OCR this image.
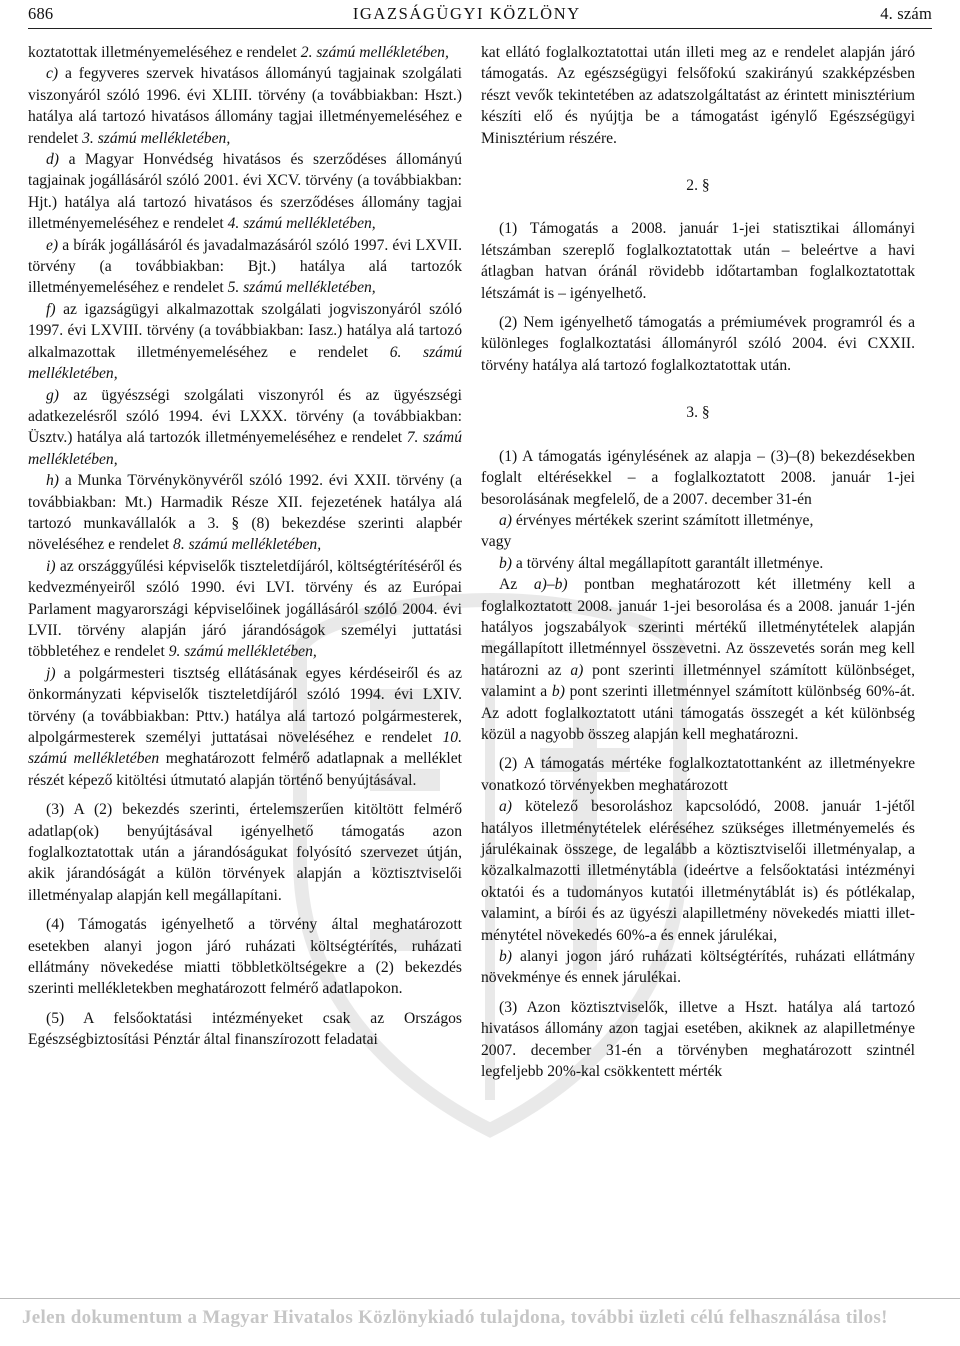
686	IGAZSÁGÜGYI KÖZLÖNY	4. szám

koztatottak illetményemeléséhez e rendelet 2. számú mellékletében,

c) a fegyveres szervek hivatásos állományú tagjainak szolgálati viszonyáról szóló 1996. évi XLIII. törvény (a továbbiakban: Hszt.) hatálya alá tartozó hivatásos állomány tagjai illetményemeléséhez e rendelet 3. számú mellékletében,

d) a Magyar Honvédség hivatásos és szerződéses állományú tagjainak jogállásáról szóló 2001. évi XCV. törvény (a továbbiakban: Hjt.) hatálya alá tartozó hivatásos és szerződéses állomány tagjai illetményemeléséhez e rendelet 4. számú mellékletében,

e) a bírák jogállásáról és javadalmazásáról szóló 1997. évi LXVII. törvény (a továbbiakban: Bjt.) hatálya alá tartozók illetményemeléséhez e rendelet 5. számú mellékletében,

f) az igazságügyi alkalmazottak szolgálati jogviszonyáról szóló 1997. évi LXVIII. törvény (a továbbiakban: Iasz.) hatálya alá tartozó alkalmazottak illetményemeléséhez e rendelet 6. számú mellékletében,

g) az ügyészségi szolgálati viszonyról és az ügyészségi adatkezelésről szóló 1994. évi LXXX. törvény (a továbbiakban: Üsztv.) hatálya alá tartozók illetményemeléséhez e rendelet 7. számú mellékletében,

h) a Munka Törvénykönyvéről szóló 1992. évi XXII. törvény (a továbbiakban: Mt.) Harmadik Része XII. fejezetének hatálya alá tartozó munkavállalók a 3. § (8) bekezdése szerinti alapbér növeléséhez e rendelet 8. számú mellékletében,

i) az országgyűlési képviselők tiszteletdíjáról, költségtérítéséről és kedvezményeiről szóló 1990. évi LVI. törvény és az Európai Parlament magyarországi képviselőinek jogállásáról szóló 2004. évi LVII. törvény alapján járó járandóságok személyi juttatási többletéhez e rendelet 9. számú mellékletében,

j) a polgármesteri tisztség ellátásának egyes kérdéseiről és az önkormányzati képviselők tiszteletdíjáról szóló 1994. évi LXIV. törvény (a továbbiakban: Pttv.) hatálya alá tartozó polgármesterek, alpolgármesterek személyi juttatásai növeléséhez e rendelet 10. számú mellékletében meghatározott felmérő adatlapnak a melléklet részét képező kitöltési útmutató alapján történő benyújtásával.

(3) A (2) bekezdés szerinti, értelemszerűen kitöltött felmérő adatlap(ok) benyújtásával igényelhető támogatás azon foglalkoztatottak után a járandóságukat folyósító szervezet útján, akik járandóságát a külön törvények alapján a köztisztviselői illetményalap alapján kell megállapítani.

(4) Támogatás igényelhető a törvény által meghatározott esetekben alanyi jogon járó ruházati költségtérítés, ruházati ellátmány növekedése miatti többletköltségekre a (2) bekezdés szerinti mellékletekben meghatározott felmérő adatlapokon.

(5) A felsőoktatási intézményeket csak az Országos Egészségbiztosítási Pénztár által finanszírozott feladatai

kat ellátó foglalkoztatottai után illeti meg az e rendelet alapján járó támogatás. Az egészségügyi felsőfokú szakirányú szakképzésben részt vevők tekintetében az adatszolgáltatást az érintett minisztérium készíti elő és nyújtja be a támogatást igénylő Egészségügyi Minisztérium részére.

2. §

(1) Támogatás a 2008. január 1-jei statisztikai állományi létszámban szereplő foglalkoztatottak után – beleértve a havi átlagban hatvan óránál rövidebb időtartamban foglalkoztatottak létszámát is – igényelhető.

(2) Nem igényelhető támogatás a prémiumévek programról és a különleges foglalkoztatási állományról szóló 2004. évi CXXII. törvény hatálya alá tartozó foglalkoztatottak után.

3. §

(1) A támogatás igénylésének az alapja – (3)–(8) bekezdésekben foglalt eltérésekkel – a foglalkoztatott 2008. január 1-jei besorolásának megfelelő, de a 2007. december 31-én

a) érvényes mértékek szerint számított illetménye,

vagy

b) a törvény által megállapított garantált illetménye.

Az a)–b) pontban meghatározott két illetmény kell a foglalkoztatott 2008. január 1-jei besorolása és a 2008. január 1-jén hatályos jogszabályok szerinti mértékű illetménytételek alapján megállapított illetménnyel összevetni. Az összevetés során meg kell határozni az a) pont szerinti illetménnyel számított különbséget, valamint a b) pont szerinti illetménnyel számított különbség 60%-át. Az adott foglalkoztatott utáni támogatás összegét a két különbség közül a nagyobb összeg alapján kell meghatározni.

(2) A támogatás mértéke foglalkoztatottanként az illetményekre vonatkozó törvényekben meghatározott

a) kötelező besoroláshoz kapcsolódó, 2008. január 1-jétől hatályos illetménytételek eléréséhez szükséges illetményemelés és járulékainak összege, de legalább a köztisztviselői illetményalap, a közalkalmazotti illetménytábla (ideértve a felsőoktatási intézményi oktatói és a tudományos kutatói illetménytáblát is) és pótlékalap, valamint, a bírói és az ügyészi alapilletmény növekedés miatti illetménytétel növekedés 60%-a és ennek járulékai,

b) alanyi jogon járó ruházati költségtérítés, ruházati ellátmány növekménye és ennek járulékai.

(3) Azon köztisztviselők, illetve a Hszt. hatálya alá tartozó hivatásos állomány azon tagjai esetében, akiknek az alapilletménye 2007. december 31-én a törvényben meghatározott szintnél legfeljebb 20%-kal csökkentett mérték

Jelen dokumentum a Magyar Hivatalos Közlönykiadó tulajdona, további üzleti célú felhasználása tilos!
